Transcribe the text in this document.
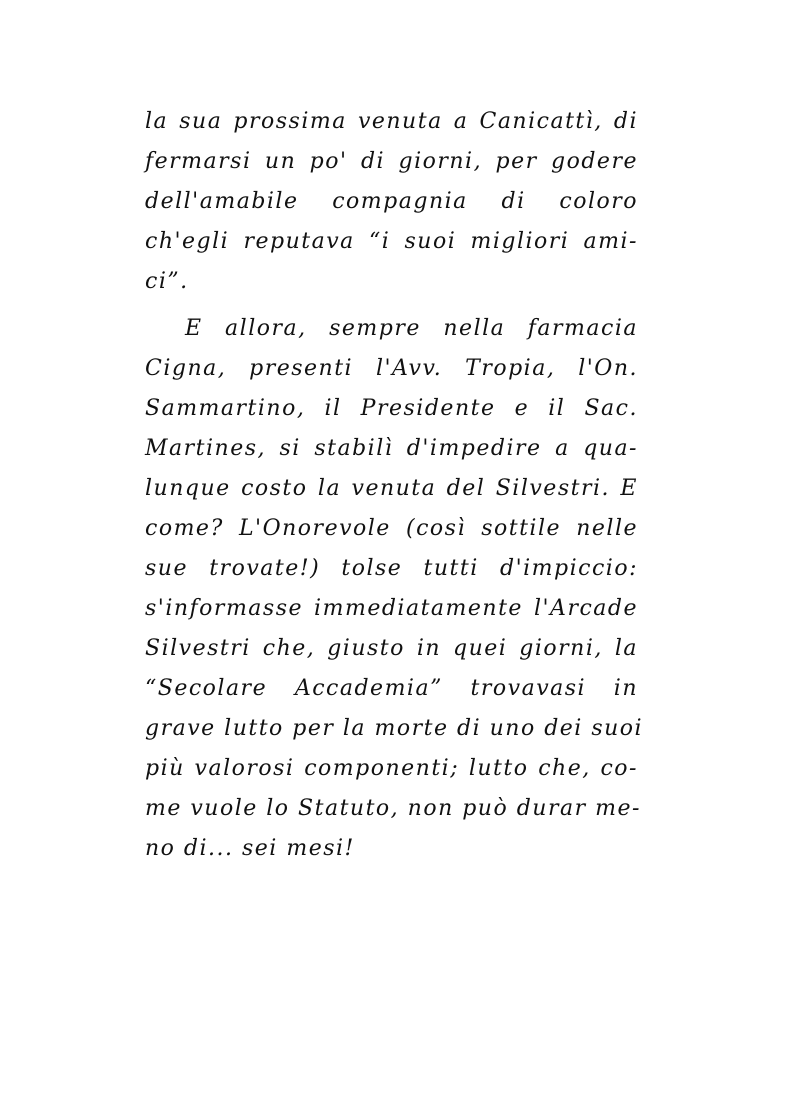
la sua prossima venuta a Canicattì, di
fermarsi un po' di giorni, per godere
dell'amabile compagnia di coloro
ch'egli reputava “i suoi migliori ami-
ci”.
E allora, sempre nella farmacia
Cigna, presenti l'Avv. Tropia, l'On.
Sammartino, il Presidente e il Sac.
Martines, si stabilì d'impedire a qua-
lunque costo la venuta del Silvestri. E
come? L'Onorevole (così sottile nelle
sue trovate!) tolse tutti d'impiccio:
s'informasse immediatamente l'Arcade
Silvestri che, giusto in quei giorni, la
“Secolare Accademia” trovavasi in
grave lutto per la morte di uno dei suoi
più valorosi componenti; lutto che, co-
me vuole lo Statuto, non può durar me-
no di... sei mesi!
